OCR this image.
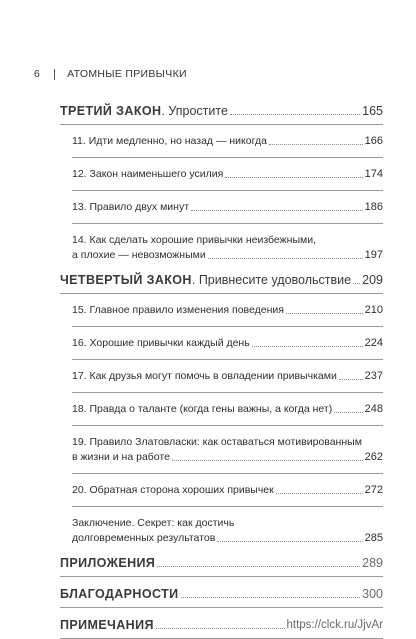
6	АТОМНЫЕ ПРИВЫЧКИ
ТРЕТИЙ ЗАКОН. Упростите	165
11. Идти медленно, но назад — никогда	166
12. Закон наименьшего усилия	174
13. Правило двух минут	186
14. Как сделать хорошие привычки неизбежными,
а плохие — невозможными	197
ЧЕТВЕРТЫЙ ЗАКОН. Привнесите удовольствие 209
15. Главное правило изменения поведения	210
16. Хорошие привычки каждый день	224
17. Как друзья могут помочь в овладении привычками	237
18. Правда о таланте (когда гены важны, а когда нет)	248
19. Правило Златовласки: как оставаться мотивированным
в жизни и на работе	262
20. Обратная сторона хороших привычек	272
Заключение. Секрет: как достичь
долговременных результатов	285
ПРИЛОЖЕНИЯ	289
БЛАГОДАРНОСТИ	300
ПРИМЕЧАНИЯ	https://clck.ru/JjvAr
